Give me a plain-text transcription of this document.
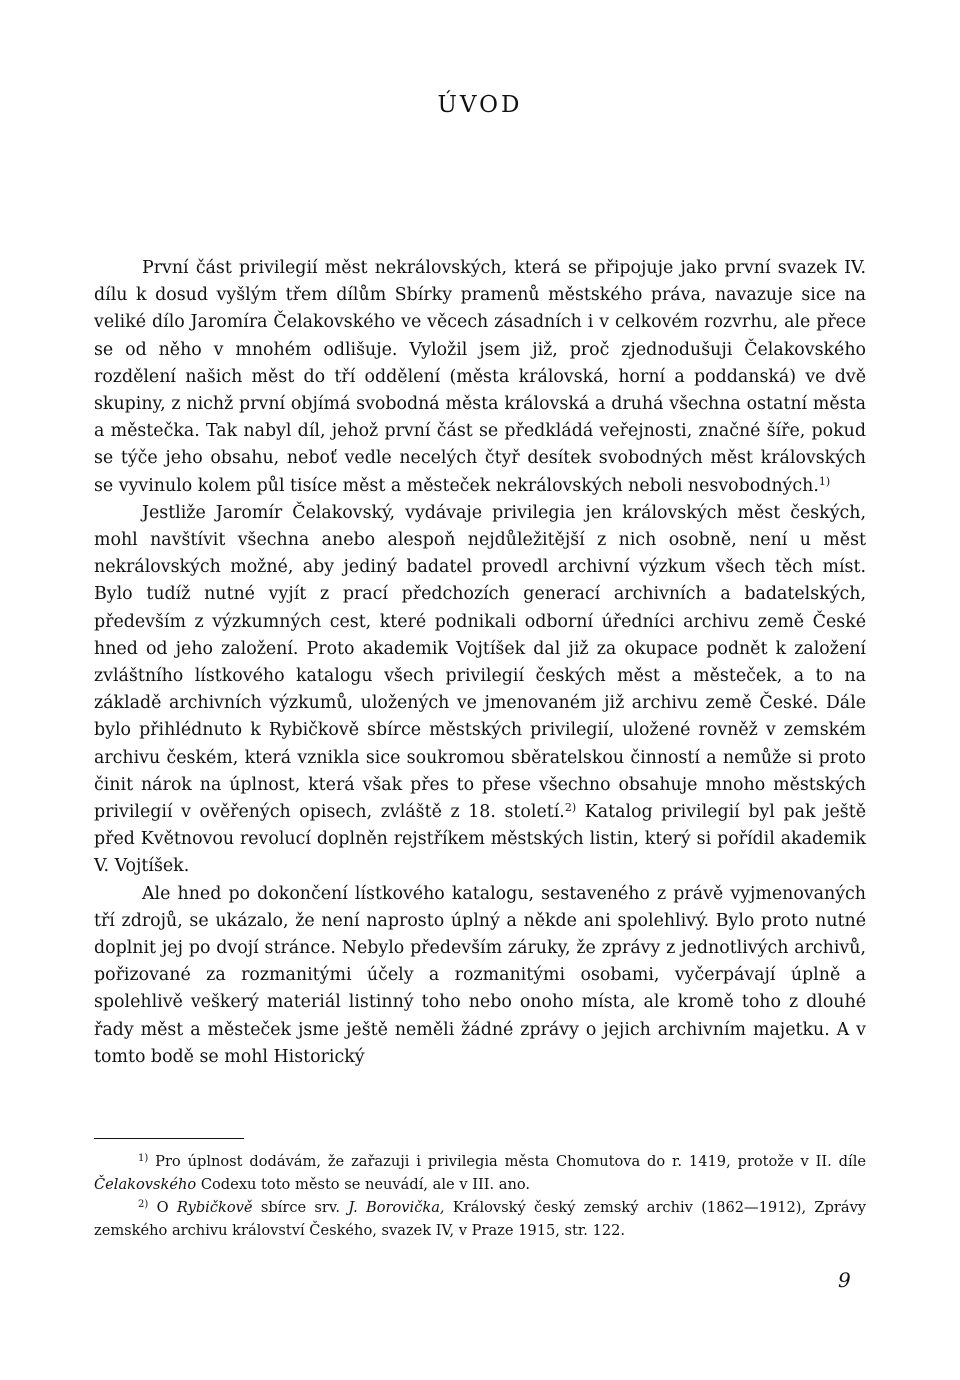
ÚVOD

První část privilegií měst nekrálovských, která se připojuje jako první svazek IV. dílu k dosud vyšlým třem dílům Sbírky pramenů městského práva, navazuje sice na veliké dílo Jaromíra Čelakovského ve věcech zásadních i v celkovém rozvrhu, ale přece se od něho v mnohém odlišuje. Vyložil jsem již, proč zjednodušuji Čelakovského rozdělení našich měst do tří oddělení (města královská, horní a poddanská) ve dvě skupiny, z nichž první objímá svobodná města královská a druhá všechna ostatní města a městečka. Tak nabyl díl, jehož první část se předkládá veřejnosti, značné šíře, pokud se týče jeho obsahu, neboť vedle necelých čtyř desítek svobodných měst královských se vyvinulo kolem půl tisíce měst a městeček nekrálovských neboli nesvobodných.$^{1)}$

Jestliže Jaromír Čelakovský, vydávaje privilegia jen královských měst českých, mohl navštívit všechna anebo alespoň nejdůležitější z nich osobně, není u měst nekrálovských možné, aby jediný badatel provedl archivní výzkum všech těch míst. Bylo tudíž nutné vyjít z prací předchozích generací archivních a badatelských, především z výzkumných cest, které podnikali odborní úředníci archivu země České hned od jeho založení. Proto akademik Vojtíšek dal již za okupace podnět k založení zvláštního lístkového katalogu všech privilegií českých měst a městeček, a to na základě archivních výzkumů, uložených ve jmenovaném již archivu země České. Dále bylo přihlédnuto k Rybičkově sbírce městských privilegií, uložené rovněž v zemském archivu českém, která vznikla sice soukromou sběratelskou činností a nemůže si proto činit nárok na úplnost, která však přes to přese všechno obsahuje mnoho městských privilegií v ověřených opisech, zvláště z 18. století.$^{2)}$ Katalog privilegií byl pak ještě před Květnovou revolucí doplněn rejstříkem městských listin, který si pořídil akademik V. Vojtíšek.

Ale hned po dokončení lístkového katalogu, sestaveného z právě vyjmenovaných tří zdrojů, se ukázalo, že není naprosto úplný a někde ani spolehlivý. Bylo proto nutné doplnit jej po dvojí stránce. Nebylo především záruky, že zprávy z jednotlivých archivů, pořizované za rozmanitými účely a rozmanitými osobami, vyčerpávají úplně a spolehlivě veškerý materiál listinný toho nebo onoho místa, ale kromě toho z dlouhé řady měst a městeček jsme ještě neměli žádné zprávy o jejich archivním majetku. A v tomto bodě se mohl Historický

$^{1)}$ Pro úplnost dodávám, že zařazuji i privilegia města Chomutova do r. 1419, protože v II. díle Čelakovského Codexu toto město se neuvádí, ale v III. ano.

$^{2)}$ O Rybičkově sbírce srv. J. Borovička, Královský český zemský archiv (1862—1912), Zprávy zemského archivu království Českého, svazek IV, v Praze 1915, str. 122.

9
